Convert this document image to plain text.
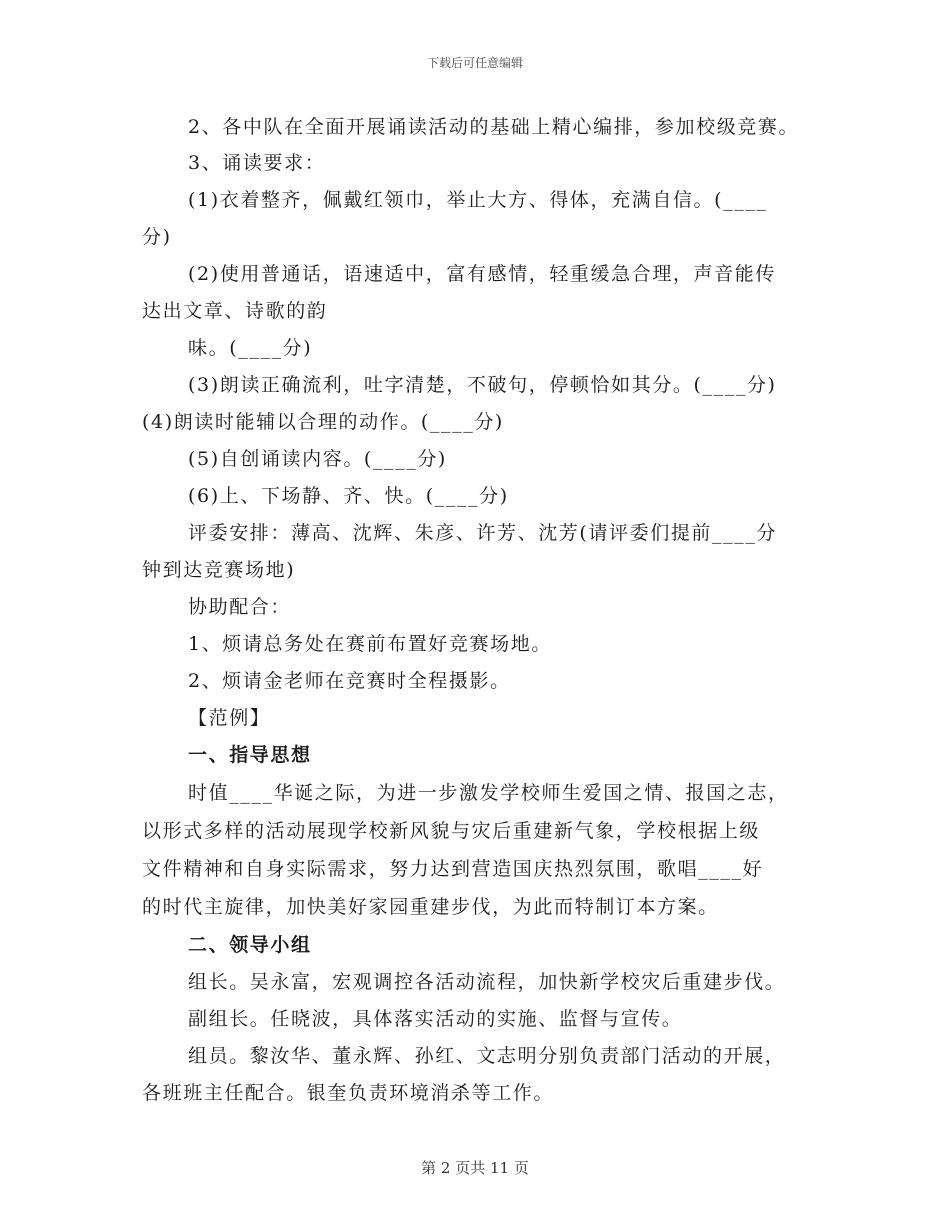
下载后可任意编辑
2、各中队在全面开展诵读活动的基础上精心编排，参加校级竞赛。
3、诵读要求：
(1)衣着整齐，佩戴红领巾，举止大方、得体，充满自信。(____
分)
(2)使用普通话，语速适中，富有感情，轻重缓急合理，声音能传
达出文章、诗歌的韵
味。(____分)
(3)朗读正确流利，吐字清楚，不破句，停顿恰如其分。(____分)
(4)朗读时能辅以合理的动作。(____分)
(5)自创诵读内容。(____分)
(6)上、下场静、齐、快。(____分)
评委安排：薄高、沈辉、朱彦、许芳、沈芳(请评委们提前____分
钟到达竞赛场地)
协助配合：
1、烦请总务处在赛前布置好竞赛场地。
2、烦请金老师在竞赛时全程摄影。
【范例】
一、指导思想
时值____华诞之际，为进一步激发学校师生爱国之情、报国之志，
以形式多样的活动展现学校新风貌与灾后重建新气象，学校根据上级
文件精神和自身实际需求，努力达到营造国庆热烈氛围，歌唱____好
的时代主旋律，加快美好家园重建步伐，为此而特制订本方案。
二、领导小组
组长。吴永富，宏观调控各活动流程，加快新学校灾后重建步伐。
副组长。任晓波，具体落实活动的实施、监督与宣传。
组员。黎汝华、董永辉、孙红、文志明分别负责部门活动的开展，
各班班主任配合。银奎负责环境消杀等工作。
第 2 页共 11 页
